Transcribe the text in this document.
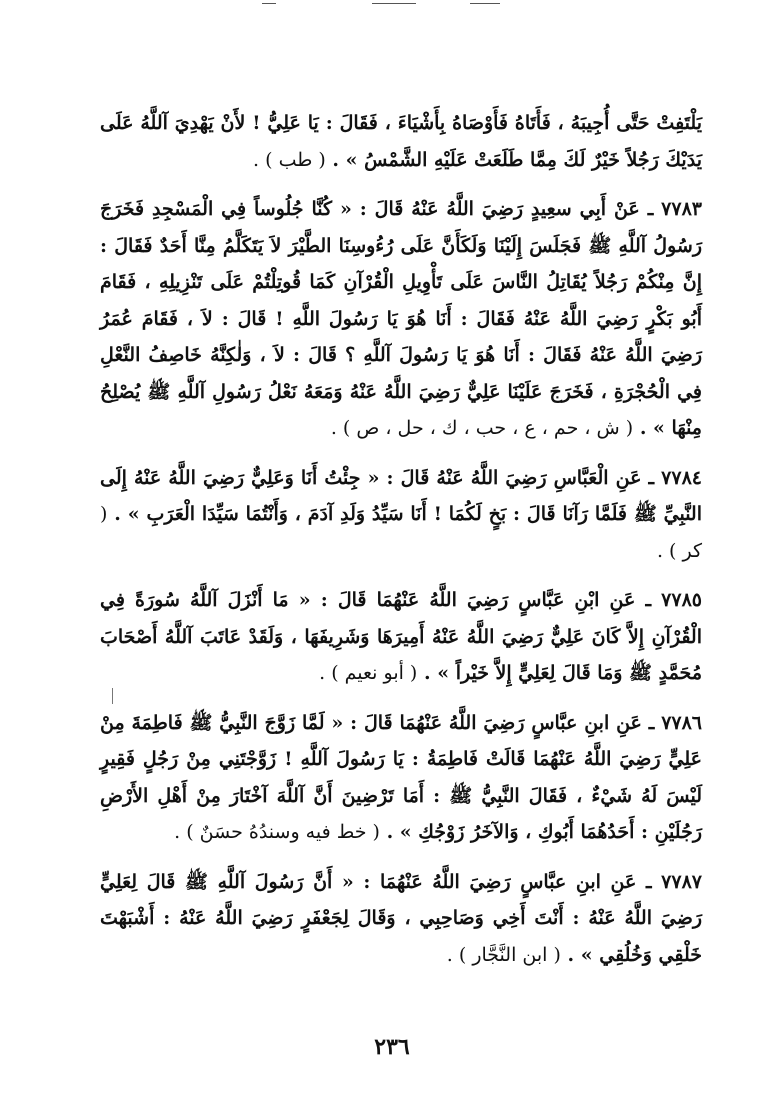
يَلْتَفِتْ حَتَّى أُجِيبَهُ ، فَأَتَاهُ فَأَوْصَاهُ بِأَشْيَاءَ ، فَقَالَ : يَا عَلِيُّ ! لأَنْ يَهْدِيَ آللَّهُ عَلَى يَدَيْكَ رَجُلاً خَيْرٌ لَكَ مِمَّا طَلَعَتْ عَلَيْهِ الشَّمْسُ » . ( طب ) .

٧٧٨٣ ـ عَنْ أَبِي سعِيدٍ رَضِيَ اللَّهُ عَنْهُ قَالَ : « كُنَّا جُلُوساً فِي الْمَسْجِدِ فَخَرَجَ رَسُولُ آللَّهِ ﷺ فَجَلَسَ إِلَيْنَا وَلَكَأَنَّ عَلَى رُءُوسِنَا الطَّيْرَ لاَ يَتَكَلَّمُ مِنَّا أَحَدٌ فَقَالَ : إِنَّ مِنْكُمْ رَجُلاً يُقَاتِلُ النَّاسَ عَلَى تَأْوِيلِ الْقُرْآنِ كَمَا قُوتِلْتُمْ عَلَى تَنْزِيلِهِ ، فَقَامَ أَبُو بَكْرٍ رَضِيَ اللَّهُ عَنْهُ فَقَالَ : أَنَا هُوَ يَا رَسُولَ اللَّهِ ! قَالَ : لاَ ، فَقَامَ عُمَرُ رَضِيَ اللَّهُ عَنْهُ فَقَالَ : أَنَا هُوَ يَا رَسُولَ آللَّهِ ؟ قَالَ : لاَ ، وَلٰكِنَّهُ خَاصِفُ النَّعْلِ فِي الْحُجْرَةِ ، فَخَرَجَ عَلَيْنَا عَلِيٌّ رَضِيَ اللَّهُ عَنْهُ وَمَعَهُ نَعْلُ رَسُولِ آللَّهِ ﷺ يُصْلِحُ مِنْهَا » . ( ش ، حم ، ع ، حب ، ك ، حل ، ص ) .

٧٧٨٤ ـ عَنِ الْعَبَّاسِ رَضِيَ اللَّهُ عَنْهُ قَالَ : « جِئْتُ أَنَا وَعَلِيٌّ رَضِيَ اللَّهُ عَنْهُ إِلَى النَّبِيِّ ﷺ فَلَمَّا رَآنَا قَالَ : بَخٍ لَكُمَا ! أَنَا سَيِّدُ وَلَدِ آدَمَ ، وَأَنْتُمَا سَيِّدَا الْعَرَبِ » . ( كر ) .

٧٧٨٥ ـ عَنِ ابْنِ عَبَّاسٍ رَضِيَ اللَّهُ عَنْهُمَا قَالَ : « مَا أَنْزَلَ آللَّهُ سُورَةً فِي الْقُرْآنِ إِلاَّ كَانَ عَلِيٌّ رَضِيَ اللَّهُ عَنْهُ أَمِيرَهَا وَشَرِيفَهَا ، وَلَقَدْ عَاتَبَ آللَّهُ أَصْحَابَ مُحَمَّدٍ ﷺ وَمَا قَالَ لِعَلِيٍّ إِلاَّ خَيْراً » . ( أبو نعيم ) .

٧٧٨٦ ـ عَنِ ابنِ عبَّاسٍ رَضِيَ اللَّهُ عَنْهُمَا قَالَ : « لَمَّا زَوَّجَ النَّبِيُّ ﷺ فَاطِمَةَ مِنْ عَلِيٍّ رَضِيَ اللَّهُ عَنْهُمَا قَالَتْ فَاطِمَةُ : يَا رَسُولَ آللَّهِ ! زَوَّجْتَنِي مِنْ رَجُلٍ فَقِيرٍ لَيْسَ لَهُ شَيْءٌ ، فَقَالَ النَّبِيُّ ﷺ : أَمَا تَرْضِينَ أَنَّ آللَّهَ آخْتَارَ مِنْ أَهْلِ الأَرْضِ رَجُلَيْنِ : أَحَدُهُمَا أَبُوكِ ، وَالآخَرُ زَوْجُكِ » . ( خط فيه وسندُهُ حسَنٌ ) .

٧٧٨٧ ـ عَنِ ابنِ عبَّاسٍ رَضِيَ اللَّهُ عَنْهُمَا : « أَنَّ رَسُولَ آللَّهِ ﷺ قَالَ لِعَلِيٍّ رَضِيَ اللَّهُ عَنْهُ : أَنْتَ أَخِي وَصَاحِبِي ، وَقَالَ لِجَعْفَرٍ رَضِيَ اللَّهُ عَنْهُ : أَشْبَهْتَ خَلْقِي وَخُلُقِي » . ( ابن النَّجَّار ) .

٢٣٦
